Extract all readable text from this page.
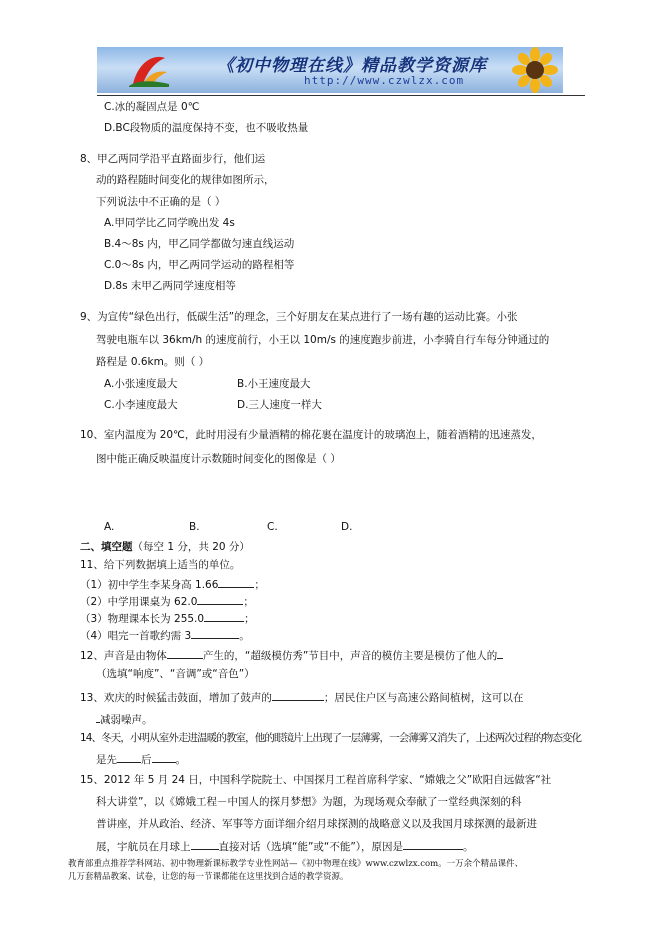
《初中物理在线》精品教学资源库
http://www.czwlzx.com
C.冰的凝固点是 0℃
D.BC段物质的温度保持不变，也不吸收热量
8、甲乙两同学沿平直路面步行，他们运
动的路程随时间变化的规律如图所示，
下列说法中不正确的是（ ）
A.甲同学比乙同学晚出发 4s
B.4～8s 内，甲乙同学都做匀速直线运动
C.0～8s 内，甲乙两同学运动的路程相等
D.8s 末甲乙两同学速度相等
9、为宣传“绿色出行，低碳生活”的理念，三个好朋友在某点进行了一场有趣的运动比赛。小张
驾驶电瓶车以 36km/h 的速度前行，小王以 10m/s 的速度跑步前进，小李骑自行车每分钟通过的
路程是 0.6km。则（ ）
A.小张速度最大	B.小王速度最大
C.小李速度最大	D.三人速度一样大
10、室内温度为 20℃，此时用浸有少量酒精的棉花裹在温度计的玻璃泡上，随着酒精的迅速蒸发，
图中能正确反映温度计示数随时间变化的图像是（ ）
A.	B.	C.	D.
二、填空题（每空 1 分，共 20 分）
11、给下列数据填上适当的单位。
（1）初中学生李某身高 1.66	；
（2）中学用课桌为 62.0	；
（3）物理课本长为 255.0	；
（4）唱完一首歌约需 3	。
12、声音是由物体	产生的，“超级模仿秀”节目中，声音的模仿主要是模仿了他人的
（选填“响度”、“音调”或“音色”）
13、欢庆的时候猛击鼓面，增加了鼓声的	；居民住户区与高速公路间植树，这可以在
减弱噪声。
14、冬天，小明从室外走进温暖的教室，他的眼镜片上出现了一层薄雾，一会薄雾又消失了，上述两次过程的物态变化
是先 后 。
15、2012 年 5 月 24 日，中国科学院院士、中国探月工程首席科学家、“嫦娥之父”欧阳自远做客“社
科大讲堂”，以《嫦娥工程－中国人的探月梦想》为题，为现场观众奉献了一堂经典深刻的科
普讲座，并从政治、经济、军事等方面详细介绍月球探测的战略意义以及我国月球探测的最新进
展，宇航员在月球上	直接对话（选填“能”或“不能”），原因是	。
教育部重点推荐学科网站、初中物理新课标教学专业性网站—《初中物理在线》www.czwlzx.com。一万余个精品课件、
几万套精品教案、试卷，让您的每一节课都能在这里找到合适的教学资源。
